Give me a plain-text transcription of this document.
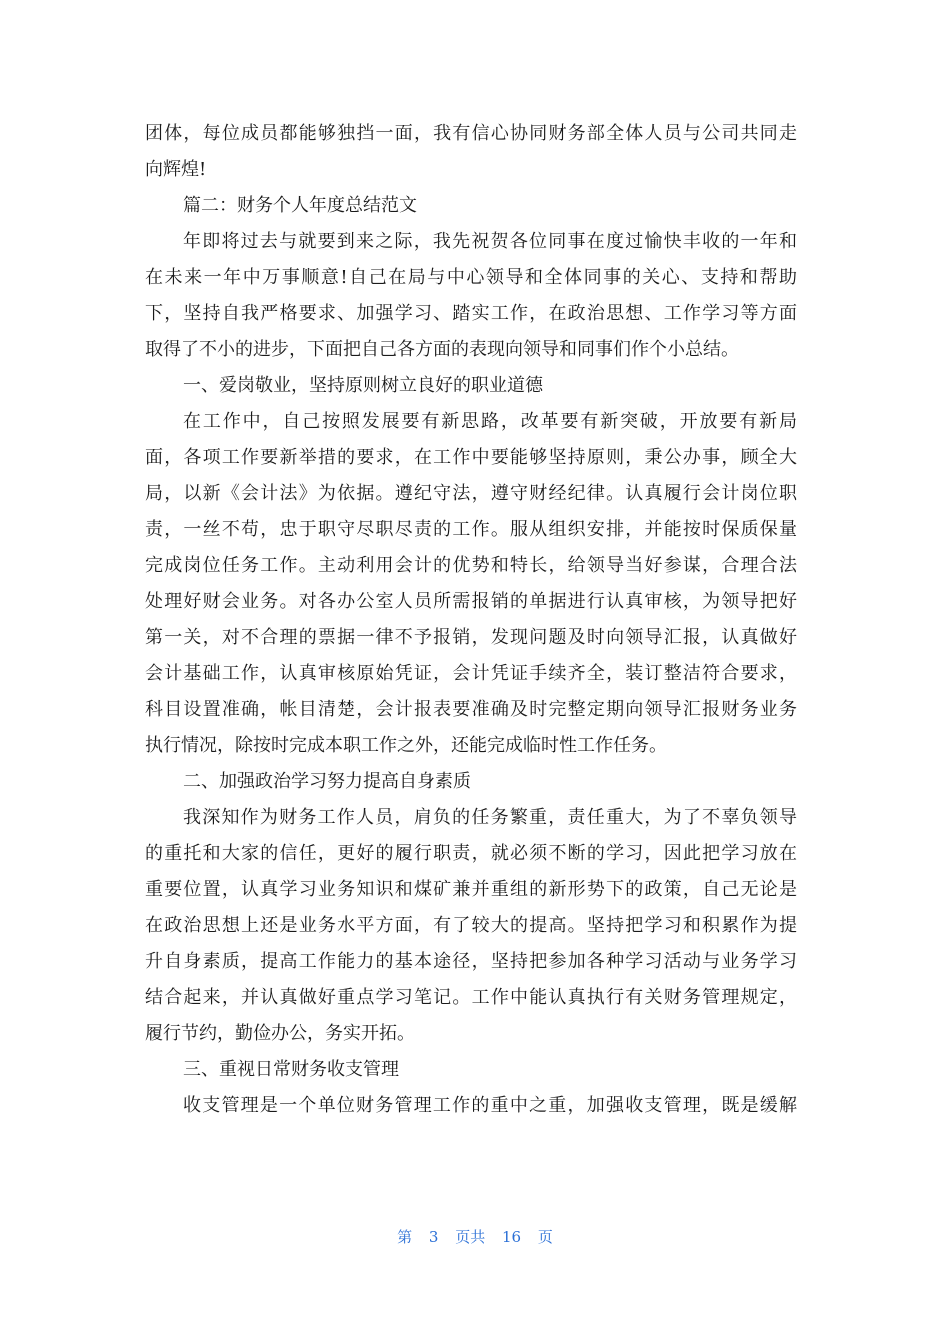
团体，每位成员都能够独挡一面，我有信心协同财务部全体人员与公司共同走
向辉煌!
篇二：财务个人年度总结范文
年即将过去与就要到来之际，我先祝贺各位同事在度过愉快丰收的一年和
在未来一年中万事顺意!自己在局与中心领导和全体同事的关心、支持和帮助
下，坚持自我严格要求、加强学习、踏实工作，在政治思想、工作学习等方面
取得了不小的进步，下面把自己各方面的表现向领导和同事们作个小总结。
一、爱岗敬业，坚持原则树立良好的职业道德
在工作中，自己按照发展要有新思路，改革要有新突破，开放要有新局
面，各项工作要新举措的要求，在工作中要能够坚持原则，秉公办事，顾全大
局，以新《会计法》为依据。遵纪守法，遵守财经纪律。认真履行会计岗位职
责，一丝不苟，忠于职守尽职尽责的工作。服从组织安排，并能按时保质保量
完成岗位任务工作。主动利用会计的优势和特长，给领导当好参谋，合理合法
处理好财会业务。对各办公室人员所需报销的单据进行认真审核，为领导把好
第一关，对不合理的票据一律不予报销，发现问题及时向领导汇报，认真做好
会计基础工作，认真审核原始凭证，会计凭证手续齐全，装订整洁符合要求，
科目设置准确，帐目清楚，会计报表要准确及时完整定期向领导汇报财务业务
执行情况，除按时完成本职工作之外，还能完成临时性工作任务。
二、加强政治学习努力提高自身素质
我深知作为财务工作人员，肩负的任务繁重，责任重大，为了不辜负领导
的重托和大家的信任，更好的履行职责，就必须不断的学习，因此把学习放在
重要位置，认真学习业务知识和煤矿兼并重组的新形势下的政策，自己无论是
在政治思想上还是业务水平方面，有了较大的提高。坚持把学习和积累作为提
升自身素质，提高工作能力的基本途径，坚持把参加各种学习活动与业务学习
结合起来，并认真做好重点学习笔记。工作中能认真执行有关财务管理规定，
履行节约，勤俭办公，务实开拓。
三、重视日常财务收支管理
收支管理是一个单位财务管理工作的重中之重，加强收支管理，既是缓解
第 3 页共 16 页
